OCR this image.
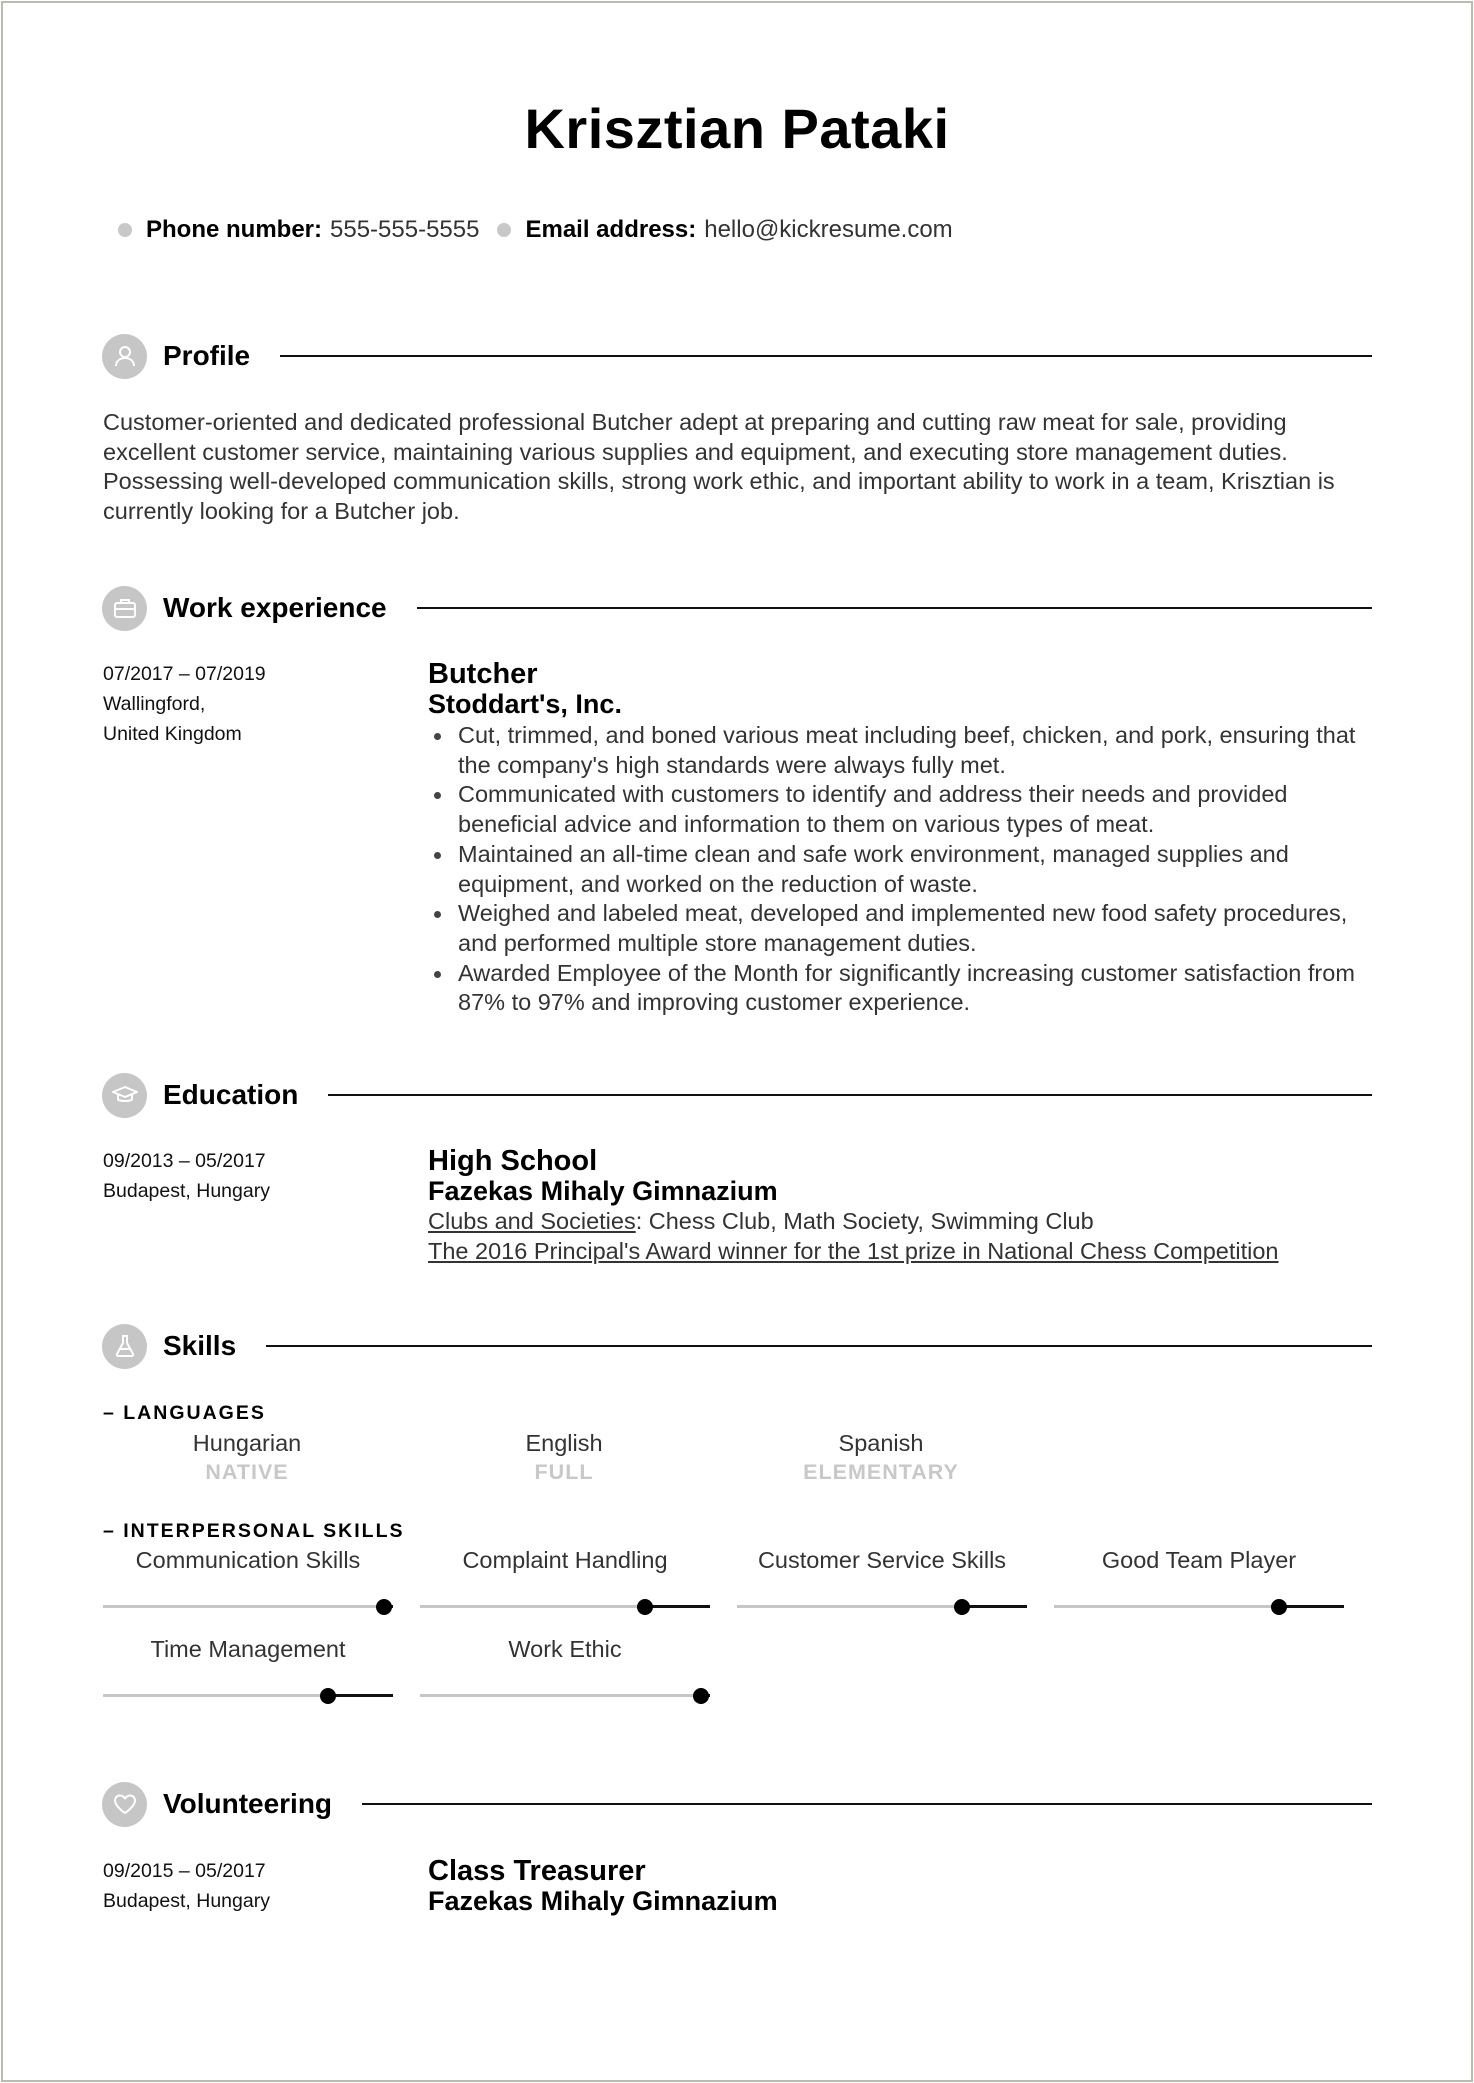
Krisztian Pataki
Phone number: 555-555-5555 Email address: hello@kickresume.com
Profile
Customer-oriented and dedicated professional Butcher adept at preparing and cutting raw meat for sale, providing excellent customer service, maintaining various supplies and equipment, and executing store management duties. Possessing well-developed communication skills, strong work ethic, and important ability to work in a team, Krisztian is currently looking for a Butcher job.
Work experience
07/2017 – 07/2019
Wallingford,
United Kingdom
Butcher
Stoddart's, Inc.
Cut, trimmed, and boned various meat including beef, chicken, and pork, ensuring that the company's high standards were always fully met.
Communicated with customers to identify and address their needs and provided beneficial advice and information to them on various types of meat.
Maintained an all-time clean and safe work environment, managed supplies and equipment, and worked on the reduction of waste.
Weighed and labeled meat, developed and implemented new food safety procedures, and performed multiple store management duties.
Awarded Employee of the Month for significantly increasing customer satisfaction from 87% to 97% and improving customer experience.
Education
09/2013 – 05/2017
Budapest, Hungary
High School
Fazekas Mihaly Gimnazium
Clubs and Societies: Chess Club, Math Society, Swimming Club
The 2016 Principal's Award winner for the 1st prize in National Chess Competition
Skills
– LANGUAGES
Hungarian
NATIVE
English
FULL
Spanish
ELEMENTARY
– INTERPERSONAL SKILLS
Communication Skills	Complaint Handling	Customer Service Skills	Good Team Player
Time Management	Work Ethic
Volunteering
09/2015 – 05/2017
Budapest, Hungary
Class Treasurer
Fazekas Mihaly Gimnazium
